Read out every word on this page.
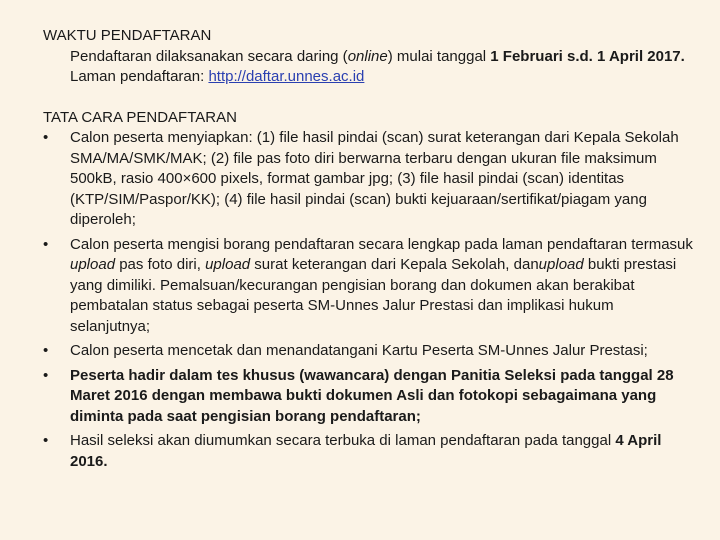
WAKTU PENDAFTARAN
Pendaftaran dilaksanakan secara daring (online) mulai tanggal 1 Februari s.d. 1 April 2017.
Laman pendaftaran: http://daftar.unnes.ac.id
TATA CARA PENDAFTARAN
•	Calon peserta menyiapkan: (1) file hasil pindai (scan) surat keterangan dari Kepala Sekolah SMA/MA/SMK/MAK; (2) file pas foto diri berwarna terbaru dengan ukuran file maksimum 500kB, rasio 400×600 pixels, format gambar jpg; (3) file hasil pindai (scan) identitas (KTP/SIM/Paspor/KK); (4) file hasil pindai (scan) bukti kejuaraan/sertifikat/piagam yang diperoleh;
•	Calon peserta mengisi borang pendaftaran secara lengkap pada laman pendaftaran termasuk upload pas foto diri, upload surat keterangan dari Kepala Sekolah, danupload bukti prestasi yang dimiliki. Pemalsuan/kecurangan pengisian borang dan dokumen akan berakibat pembatalan status sebagai peserta SM-Unnes Jalur Prestasi dan implikasi hukum selanjutnya;
•	Calon peserta mencetak dan menandatangani Kartu Peserta SM-Unnes Jalur Prestasi;
•	Peserta hadir dalam tes khusus (wawancara) dengan Panitia Seleksi pada tanggal 28 Maret 2016 dengan membawa bukti dokumen Asli dan fotokopi sebagaimana yang diminta pada saat pengisian borang pendaftaran;
•	Hasil seleksi akan diumumkan secara terbuka di laman pendaftaran pada tanggal 4 April 2016.
